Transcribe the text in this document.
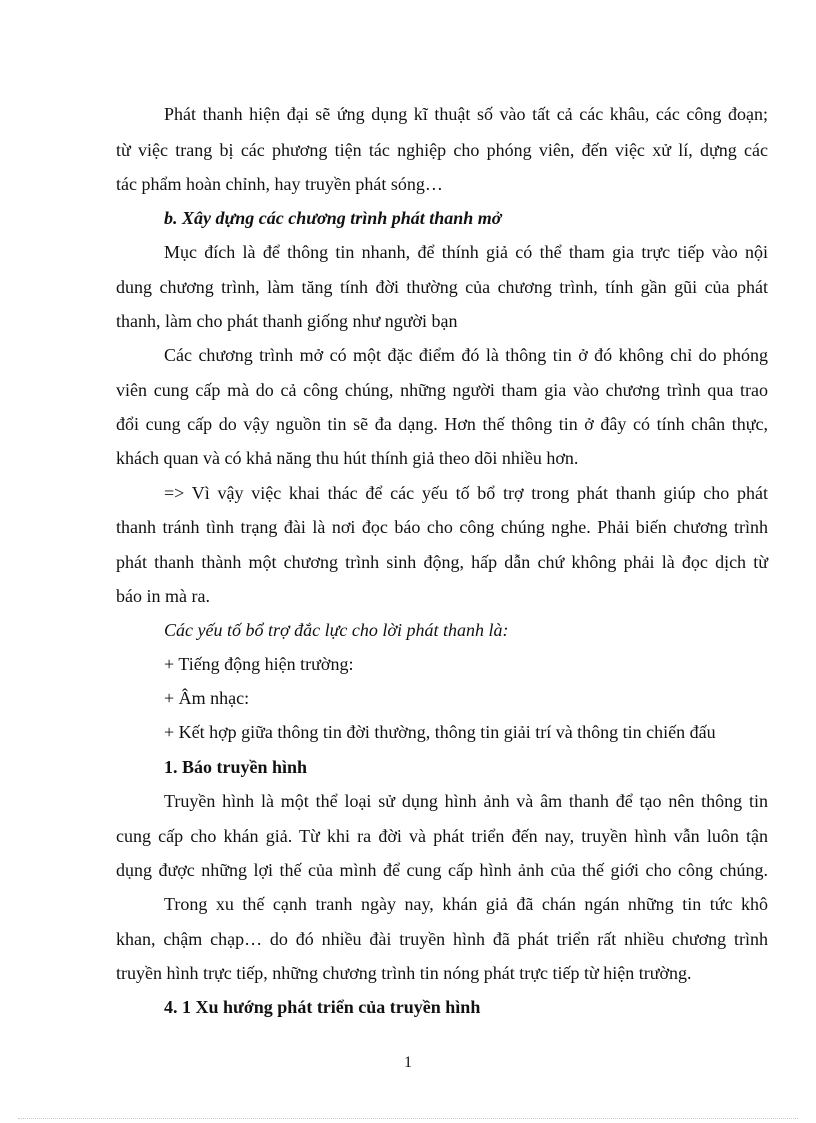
Phát thanh hiện đại sẽ ứng dụng kĩ thuật số vào tất cả các khâu, các công đoạn;
từ việc trang bị các phương tiện tác nghiệp cho phóng viên, đến việc xử lí, dựng các
tác phẩm hoàn chỉnh, hay truyền phát sóng…
b. Xây dựng các chương trình phát thanh mở
Mục đích là để thông tin nhanh, để thính giả có thể tham gia trực tiếp vào nội
dung chương trình, làm tăng tính đời thường của chương trình, tính gần gũi của phát
thanh, làm cho phát thanh giống như người bạn
Các chương trình mở có một đặc điểm đó là thông tin ở đó không chỉ do phóng
viên cung cấp mà do cả công chúng, những người tham gia vào chương trình qua trao
đổi cung cấp do vậy nguồn tin sẽ đa dạng. Hơn thế thông tin ở đây có tính chân thực,
khách quan và có khả năng thu hút thính giả theo dõi nhiều hơn.
=> Vì vậy việc khai thác để các yếu tố bổ trợ trong phát thanh giúp cho phát
thanh tránh tình trạng đài là nơi đọc báo cho công chúng nghe. Phải biến chương trình
phát thanh thành một chương trình sinh động, hấp dẫn chứ không phải là đọc dịch từ
báo in mà ra.
Các yếu tố bổ trợ đắc lực cho lời phát thanh là:
+ Tiếng động hiện trường:
+ Âm nhạc:
+ Kết hợp giữa thông tin đời thường, thông tin giải trí và thông tin chiến đấu
1. Báo truyền hình
Truyền hình là một thể loại sử dụng hình ảnh và âm thanh để tạo nên thông tin
cung cấp cho khán giả. Từ khi ra đời và phát triển đến nay, truyền hình vẫn luôn tận
dụng được những lợi thế của mình để cung cấp hình ảnh của thế giới cho công chúng.
Trong xu thế cạnh tranh ngày nay, khán giả đã chán ngán những tin tức khô
khan, chậm chạp… do đó nhiều đài truyền hình đã phát triển rất nhiều chương trình
truyền hình trực tiếp, những chương trình tin nóng phát trực tiếp từ hiện trường.
4. 1 Xu hướng phát triển của truyền hình
1
